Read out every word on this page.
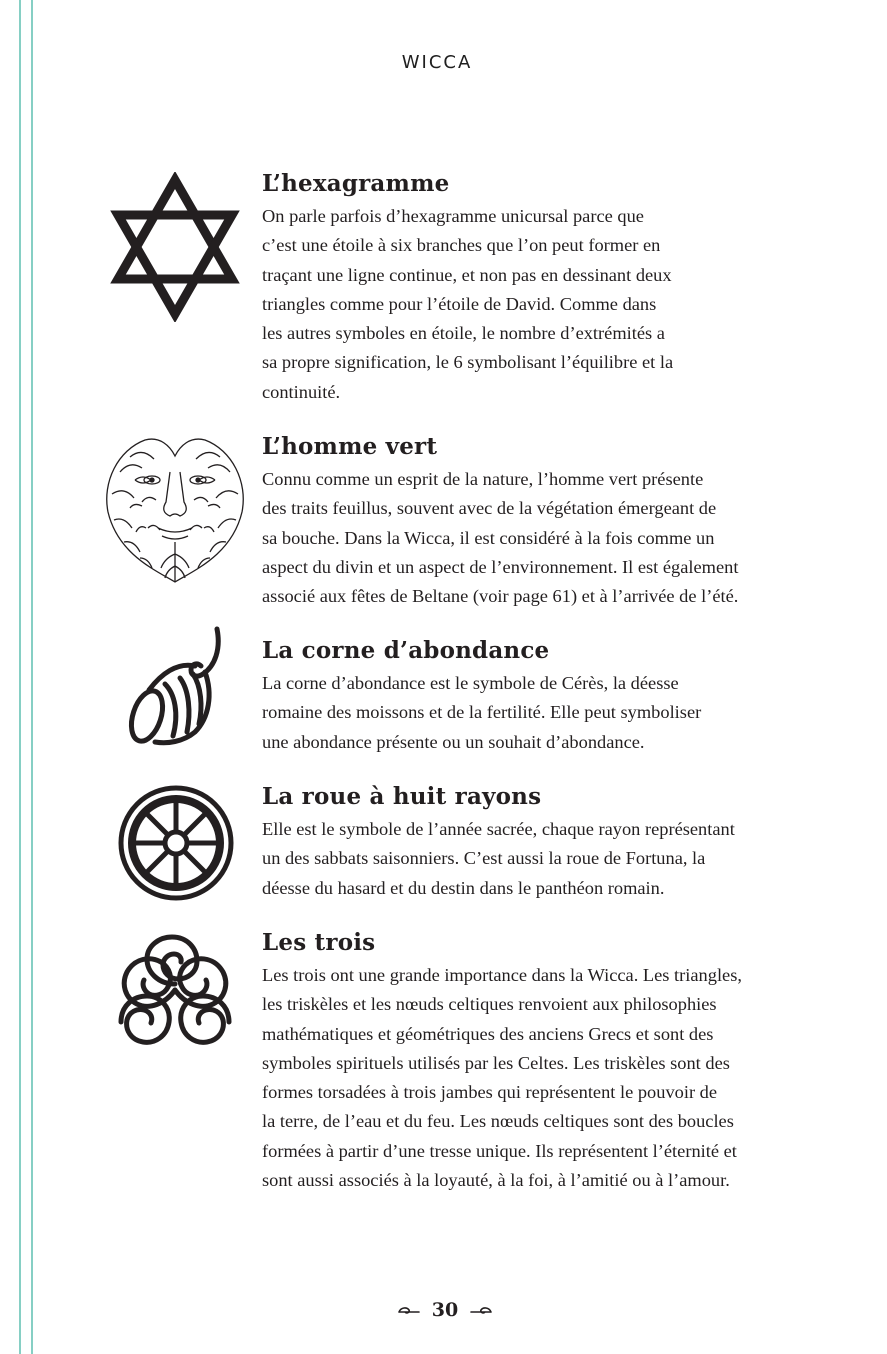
WICCA
L’hexagramme

On parle parfois d’hexagramme unicursal parce que
c’est une étoile à six branches que l’on peut former en
traçant une ligne continue, et non pas en dessinant deux
triangles comme pour l’étoile de David. Comme dans
les autres symboles en étoile, le nombre d’extrémités a
sa propre signification, le 6 symbolisant l’équilibre et la
continuité.

L’homme vert

Connu comme un esprit de la nature, l’homme vert présente
des traits feuillus, souvent avec de la végétation émergeant de
sa bouche. Dans la Wicca, il est considéré à la fois comme un
aspect du divin et un aspect de l’environnement. Il est également
associé aux fêtes de Beltane (voir page 61) et à l’arrivée de l’été.

La corne d’abondance

La corne d’abondance est le symbole de Cérès, la déesse
romaine des moissons et de la fertilité. Elle peut symboliser
une abondance présente ou un souhait d’abondance.

La roue à huit rayons

Elle est le symbole de l’année sacrée, chaque rayon représentant
un des sabbats saisonniers. C’est aussi la roue de Fortuna, la
déesse du hasard et du destin dans le panthéon romain.

Les trois

Les trois ont une grande importance dans la Wicca. Les triangles,
les triskèles et les nœuds celtiques renvoient aux philosophies
mathématiques et géométriques des anciens Grecs et sont des
symboles spirituels utilisés par les Celtes. Les triskèles sont des
formes torsadées à trois jambes qui représentent le pouvoir de
la terre, de l’eau et du feu. Les nœuds celtiques sont des boucles
formées à partir d’une tresse unique. Ils représentent l’éternité et
sont aussi associés à la loyauté, à la foi, à l’amitié ou à l’amour.

30
